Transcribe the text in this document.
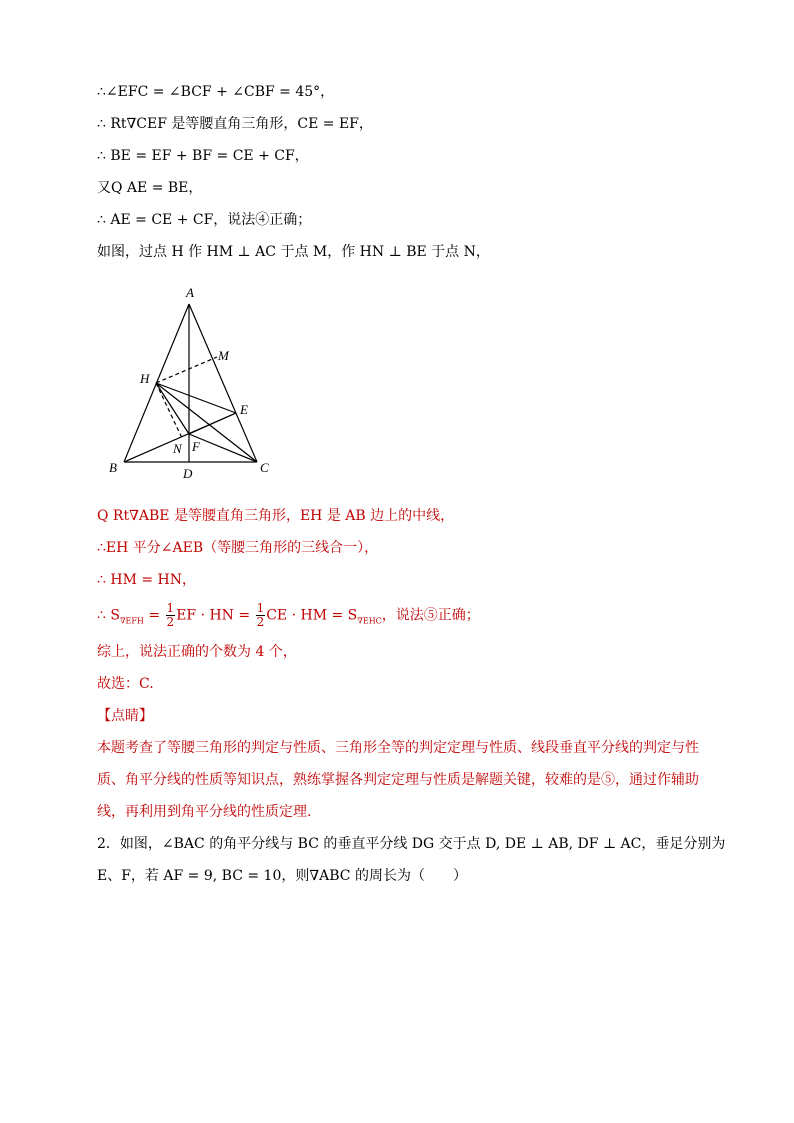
∴∠EFC = ∠BCF + ∠CBF = 45°，
∴ Rt∇CEF 是等腰直角三角形，CE = EF，
∴ BE = EF + BF = CE + CF，
又Q AE = BE，
∴ AE = CE + CF，说法④正确；
如图，过点 H 作 HM ⊥ AC 于点 M，作 HN ⊥ BE 于点 N，
A
M
H
E
N F
B	D	C
Q Rt∇ABE 是等腰直角三角形，EH 是 AB 边上的中线，
∴EH 平分∠AEB（等腰三角形的三线合一），
∴ HM = HN，
∴ $S_{\nabla EFH} = \frac{1}{2}$ EF · HN = $\frac{1}{2}$ CE · HM = $S_{\nabla EHC}$，说法⑤正确；
综上，说法正确的个数为 4 个，
故选：C.
【点睛】
本题考查了等腰三角形的判定与性质、三角形全等的判定定理与性质、线段垂直平分线的判定与性
质、角平分线的性质等知识点，熟练掌握各判定定理与性质是解题关键，较难的是⑤，通过作辅助
线，再利用到角平分线的性质定理.
2．如图，∠BAC 的角平分线与 BC 的垂直平分线 DG 交于点 D, DE ⊥ AB, DF ⊥ AC，垂足分别为
E、F，若 AF = 9, BC = 10，则∇ABC 的周长为（　　）
